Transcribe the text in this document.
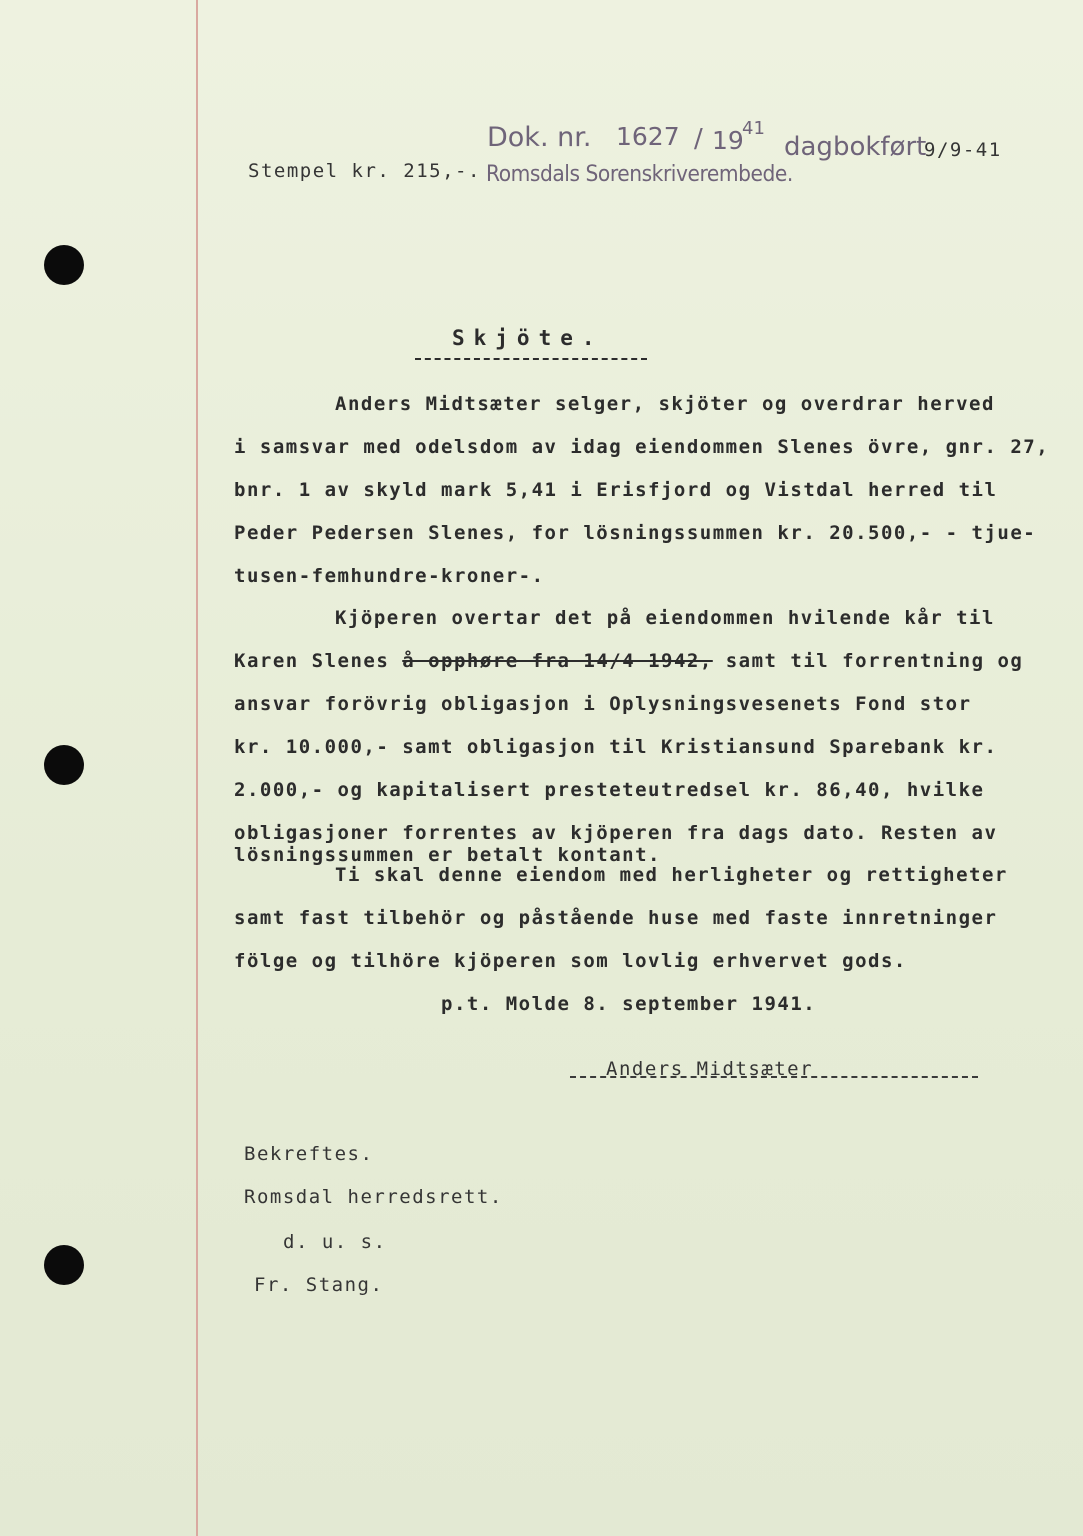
Dok. nr. 1627 / 19
41
dagbokført
9/9-41
Romsdals Sorenskriverembede.
Stempel kr. 215,-.
Skjöte.
Anders Midtsæter selger, skjöter og overdrar herved
i samsvar med odelsdom av idag eiendommen Slenes övre, gnr. 27,
bnr. 1 av skyld mark 5,41 i Erisfjord og Vistdal herred til
Peder Pedersen Slenes, for lösningssummen kr. 20.500,- - tjue-
tusen-femhundre-kroner-.
Kjöperen overtar det på eiendommen hvilende kår til
Karen Slenes å opphøre fra 14/4 1942, samt til forrentning og
ansvar forövrig obligasjon i Oplysningsvesenets Fond stor
kr. 10.000,- samt obligasjon til Kristiansund Sparebank kr.
2.000,- og kapitalisert presteteutredsel kr. 86,40, hvilke
obligasjoner forrentes av kjöperen fra dags dato. Resten av
lösningssummen er betalt kontant.
Ti skal denne eiendom med herligheter og rettigheter
samt fast tilbehör og påstående huse med faste innretninger
fölge og tilhöre kjöperen som lovlig erhvervet gods.
p.t. Molde 8. september 1941.
Anders Midtsæter
Bekreftes.
Romsdal herredsrett.
d. u. s.
Fr. Stang.
